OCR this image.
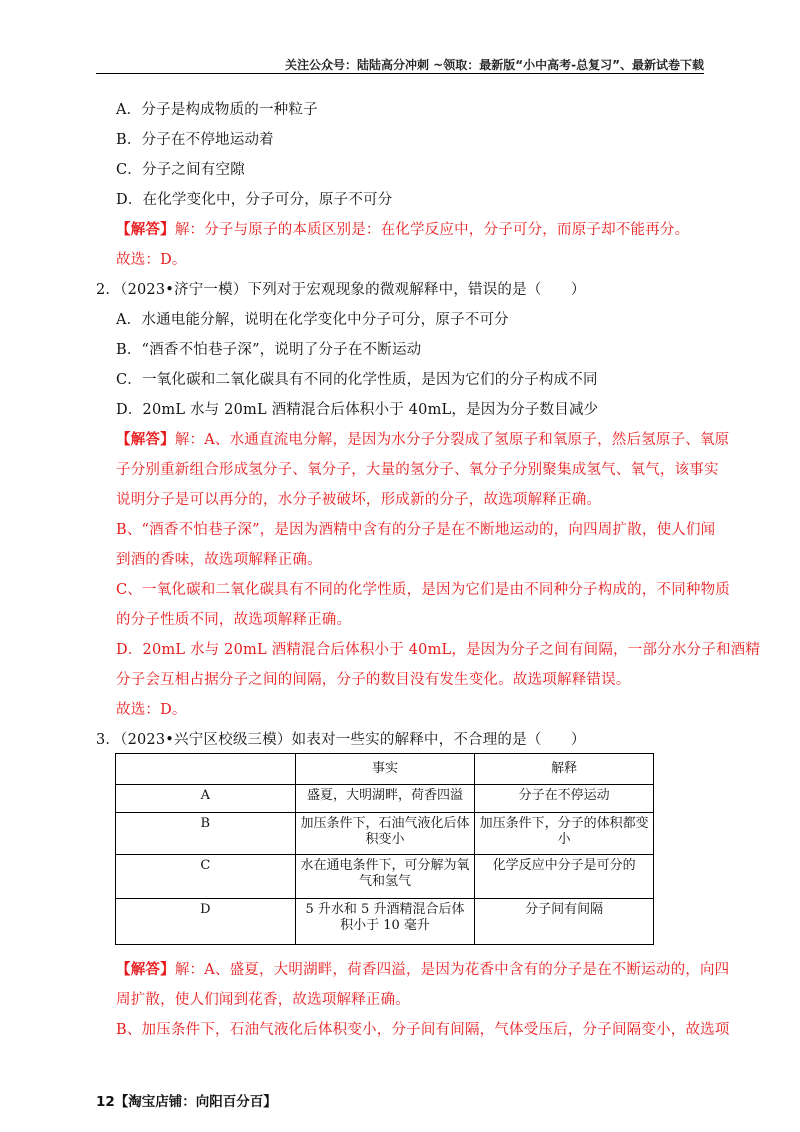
关注公众号：陆陆高分冲刺 ~领取：最新版“小中高考-总复习”、最新试卷下载
A．分子是构成物质的一种粒子
B．分子在不停地运动着
C．分子之间有空隙
D．在化学变化中，分子可分，原子不可分
【解答】解：分子与原子的本质区别是：在化学反应中，分子可分，而原子却不能再分。
故选：D。
2．（2023•济宁一模）下列对于宏观现象的微观解释中，错误的是（　　）
A．水通电能分解，说明在化学变化中分子可分，原子不可分
B．“酒香不怕巷子深”，说明了分子在不断运动
C．一氧化碳和二氧化碳具有不同的化学性质，是因为它们的分子构成不同
D．20mL 水与 20mL 酒精混合后体积小于 40mL，是因为分子数目减少
【解答】解：A、水通直流电分解，是因为水分子分裂成了氢原子和氧原子，然后氢原子、氧原
子分别重新组合形成氢分子、氧分子，大量的氢分子、氧分子分别聚集成氢气、氧气，该事实
说明分子是可以再分的，水分子被破坏，形成新的分子，故选项解释正确。
B、“酒香不怕巷子深”，是因为酒精中含有的分子是在不断地运动的，向四周扩散，使人们闻
到酒的香味，故选项解释正确。
C、一氧化碳和二氧化碳具有不同的化学性质，是因为它们是由不同种分子构成的，不同种物质
的分子性质不同，故选项解释正确。
D．20mL 水与 20mL 酒精混合后体积小于 40mL，是因为分子之间有间隔，一部分水分子和酒精
分子会互相占据分子之间的间隔，分子的数目没有发生变化。故选项解释错误。
故选：D。
3．（2023•兴宁区校级三模）如表对一些实的解释中，不合理的是（　　）
	事实	解释
A	盛夏，大明湖畔，荷香四溢	分子在不停运动
B	加压条件下，石油气液化后体积变小	加压条件下，分子的体积都变小
C	水在通电条件下，可分解为氧气和氢气	化学反应中分子是可分的
D	5 升水和 5 升酒精混合后体积小于 10 毫升	分子间有间隔
【解答】解：A、盛夏，大明湖畔，荷香四溢，是因为花香中含有的分子是在不断运动的，向四
周扩散，使人们闻到花香，故选项解释正确。
B、加压条件下，石油气液化后体积变小，分子间有间隔，气体受压后，分子间隔变小，故选项
12【淘宝店铺：向阳百分百】
